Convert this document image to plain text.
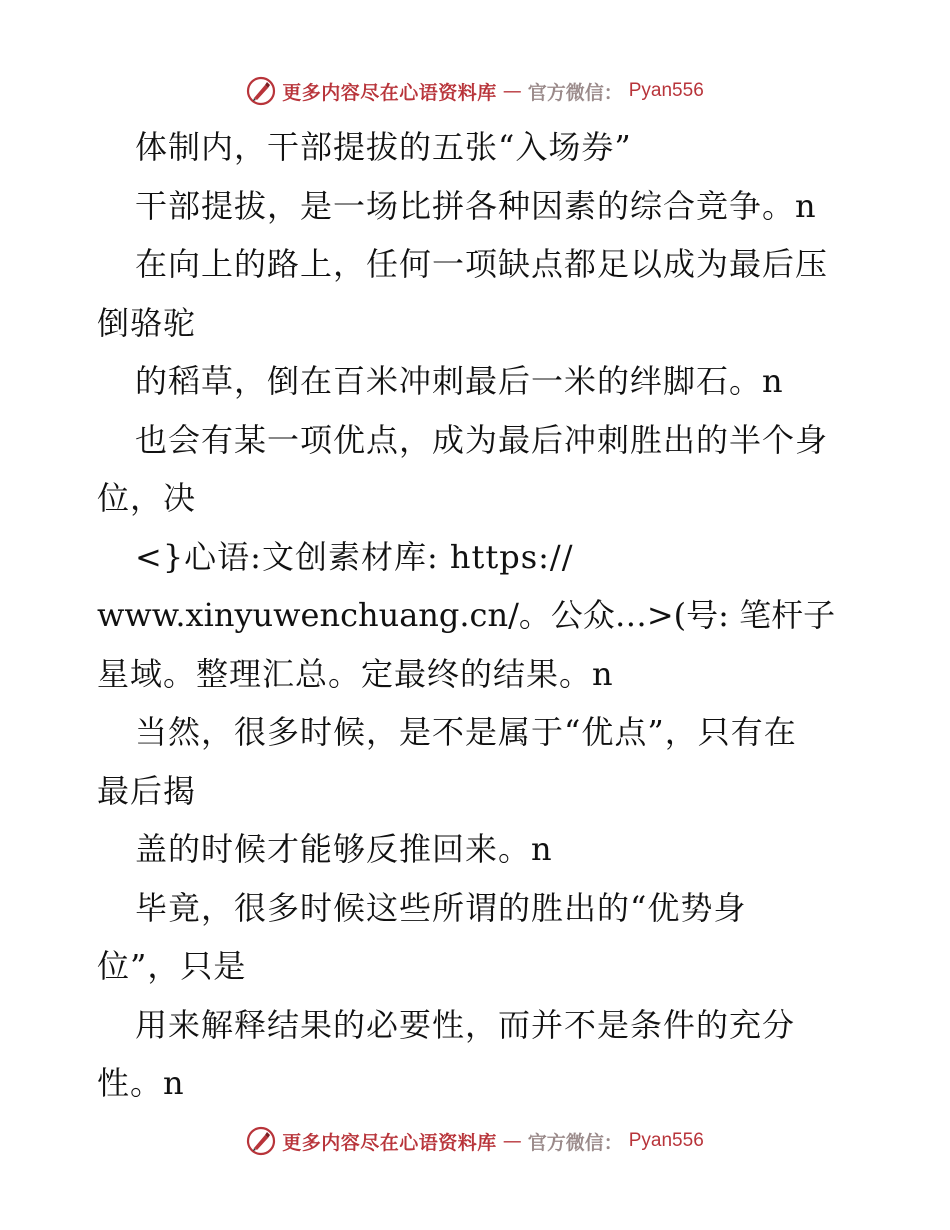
更多内容尽在心语资料库 — 官方微信： Pyan556
体制内，干部提拔的五张“入场券”
干部提拔，是一场比拼各种因素的综合竞争。n
在向上的路上，任何一项缺点都足以成为最后压
倒骆驼
的稻草，倒在百米冲刺最后一米的绊脚石。n
也会有某一项优点，成为最后冲刺胜出的半个身
位，决
<}心语:文创素材库: https://
www.xinyuwenchuang.cn/。公众…>(号: 笔杆子
星域。整理汇总。定最终的结果。n
当然，很多时候，是不是属于“优点”，只有在
最后揭
盖的时候才能够反推回来。n
毕竟，很多时候这些所谓的胜出的“优势身
位”，只是
用来解释结果的必要性，而并不是条件的充分
性。n
更多内容尽在心语资料库 — 官方微信： Pyan556
